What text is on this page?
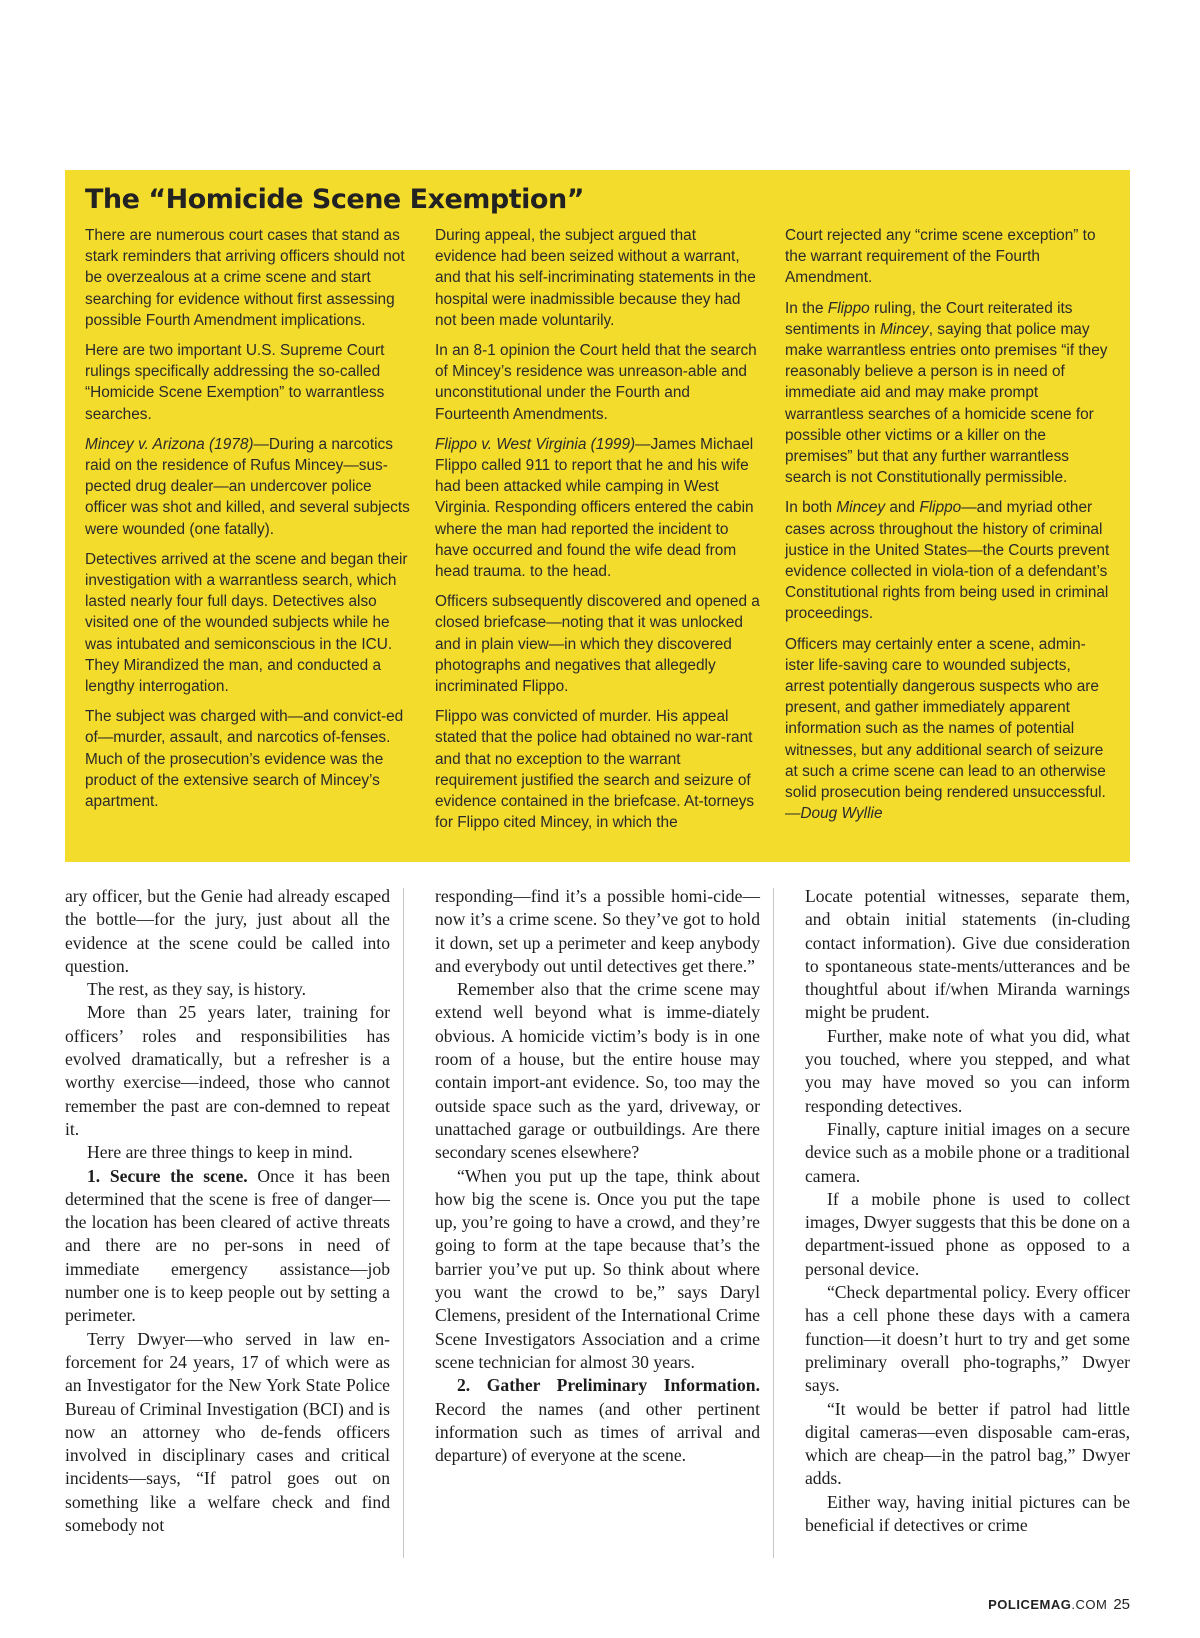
The “Homicide Scene Exemption”

There are numerous court cases that stand as stark reminders that arriving officers should not be overzealous at a crime scene and start searching for evidence without first assessing possible Fourth Amendment implications.

Here are two important U.S. Supreme Court rulings specifically addressing the so-called “Homicide Scene Exemption” to warrantless searches.

Mincey v. Arizona (1978)—During a narcotics raid on the residence of Rufus Mincey—sus-pected drug dealer—an undercover police officer was shot and killed, and several subjects were wounded (one fatally).

Detectives arrived at the scene and began their investigation with a warrantless search, which lasted nearly four full days. Detectives also visited one of the wounded subjects while he was intubated and semiconscious in the ICU. They Mirandized the man, and conducted a lengthy interrogation.

The subject was charged with—and convict-ed of—murder, assault, and narcotics of-fenses. Much of the prosecution’s evidence was the product of the extensive search of Mincey’s apartment.

During appeal, the subject argued that evidence had been seized without a warrant, and that his self-incriminating statements in the hospital were inadmissible because they had not been made voluntarily.

In an 8-1 opinion the Court held that the search of Mincey’s residence was unreason-able and unconstitutional under the Fourth and Fourteenth Amendments.

Flippo v. West Virginia (1999)—James Michael Flippo called 911 to report that he and his wife had been attacked while camping in West Virginia. Responding officers entered the cabin where the man had reported the incident to have occurred and found the wife dead from head trauma. to the head.

Officers subsequently discovered and opened a closed briefcase—noting that it was unlocked and in plain view—in which they discovered photographs and negatives that allegedly incriminated Flippo.

Flippo was convicted of murder. His appeal stated that the police had obtained no war-rant and that no exception to the warrant requirement justified the search and seizure of evidence contained in the briefcase. At-torneys for Flippo cited Mincey, in which the

Court rejected any “crime scene exception” to the warrant requirement of the Fourth Amendment.

In the Flippo ruling, the Court reiterated its sentiments in Mincey, saying that police may make warrantless entries onto premises “if they reasonably believe a person is in need of immediate aid and may make prompt warrantless searches of a homicide scene for possible other victims or a killer on the premises” but that any further warrantless search is not Constitutionally permissible.

In both Mincey and Flippo—and myriad other cases across throughout the history of criminal justice in the United States—the Courts prevent evidence collected in viola-tion of a defendant’s Constitutional rights from being used in criminal proceedings.

Officers may certainly enter a scene, admin-ister life-saving care to wounded subjects, arrest potentially dangerous suspects who are present, and gather immediately apparent information such as the names of potential witnesses, but any additional search of seizure at such a crime scene can lead to an otherwise solid prosecution being rendered unsuccessful.—Doug Wyllie

ary officer, but the Genie had already escaped the bottle—for the jury, just about all the evidence at the scene could be called into question.

The rest, as they say, is history.

More than 25 years later, training for officers’ roles and responsibilities has evolved dramatically, but a refresher is a worthy exercise—indeed, those who cannot remember the past are con-demned to repeat it.

Here are three things to keep in mind.

1. Secure the scene. Once it has been determined that the scene is free of danger—the location has been cleared of active threats and there are no per-sons in need of immediate emergency assistance—job number one is to keep people out by setting a perimeter.

Terry Dwyer—who served in law en-forcement for 24 years, 17 of which were as an Investigator for the New York State Police Bureau of Criminal Investigation (BCI) and is now an attorney who de-fends officers involved in disciplinary cases and critical incidents—says, “If patrol goes out on something like a welfare check and find somebody not

responding—find it’s a possible homi-cide—now it’s a crime scene. So they’ve got to hold it down, set up a perimeter and keep anybody and everybody out until detectives get there.”

Remember also that the crime scene may extend well beyond what is imme-diately obvious. A homicide victim’s body is in one room of a house, but the entire house may contain import-ant evidence. So, too may the outside space such as the yard, driveway, or unattached garage or outbuildings. Are there secondary scenes elsewhere?

“When you put up the tape, think about how big the scene is. Once you put the tape up, you’re going to have a crowd, and they’re going to form at the tape because that’s the barrier you’ve put up. So think about where you want the crowd to be,” says Daryl Clemens, president of the International Crime Scene Investigators Association and a crime scene technician for almost 30 years.

2. Gather Preliminary Information. Record the names (and other pertinent information such as times of arrival and departure) of everyone at the scene.

Locate potential witnesses, separate them, and obtain initial statements (in-cluding contact information). Give due consideration to spontaneous state-ments/utterances and be thoughtful about if/when Miranda warnings might be prudent.

Further, make note of what you did, what you touched, where you stepped, and what you may have moved so you can inform responding detectives.

Finally, capture initial images on a secure device such as a mobile phone or a traditional camera.

If a mobile phone is used to collect images, Dwyer suggests that this be done on a department-issued phone as opposed to a personal device.

“Check departmental policy. Every officer has a cell phone these days with a camera function—it doesn’t hurt to try and get some preliminary overall pho-tographs,” Dwyer says.

“It would be better if patrol had little digital cameras—even disposable cam-eras, which are cheap—in the patrol bag,” Dwyer adds.

Either way, having initial pictures can be beneficial if detectives or crime

POLICEMAG.COM 25
